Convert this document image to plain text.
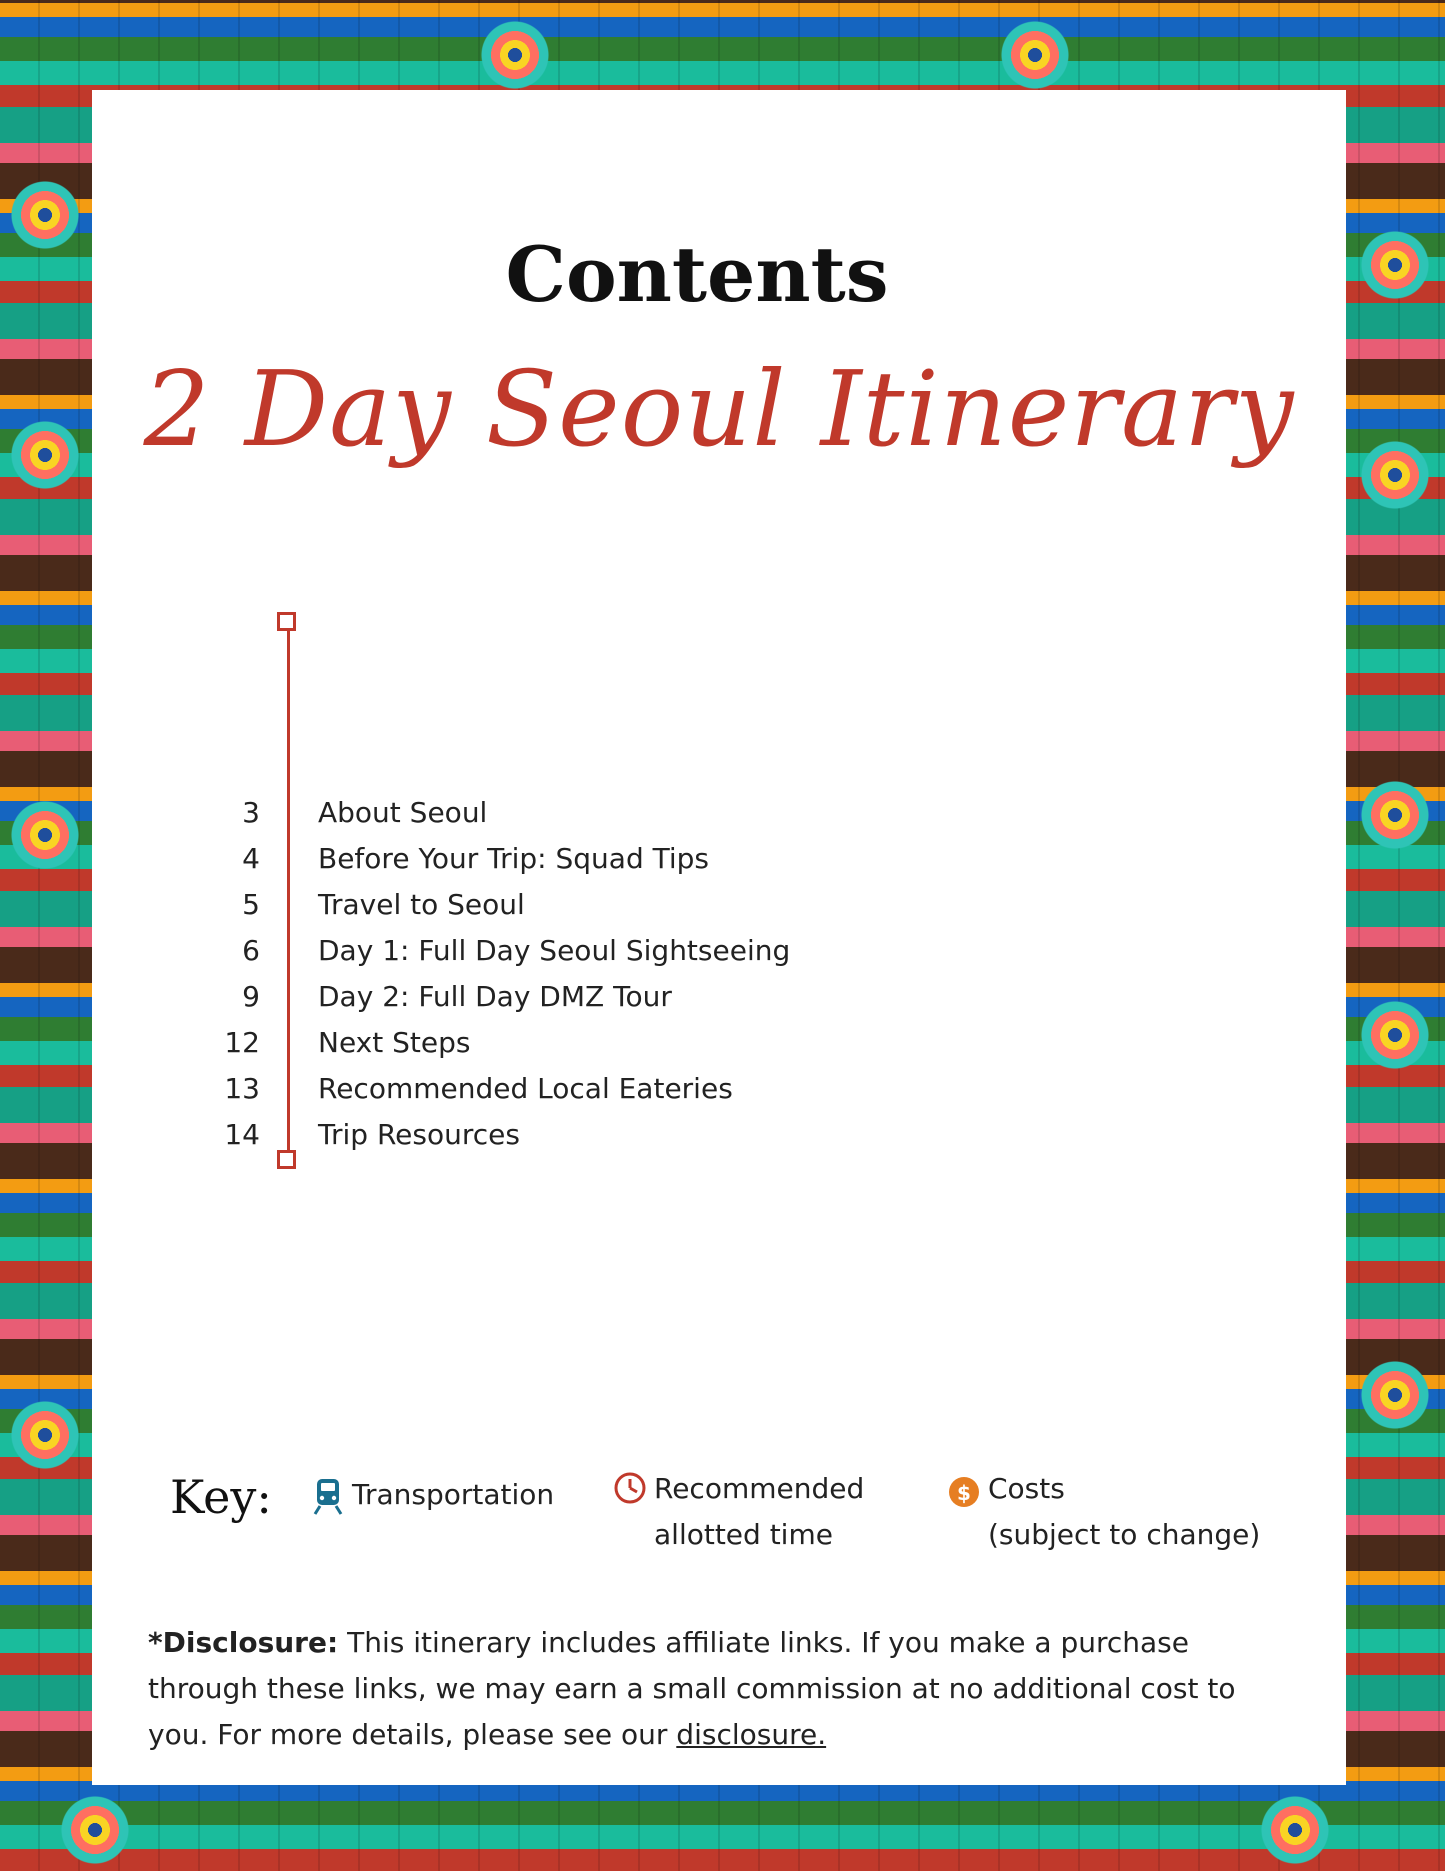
Contents
2 Day Seoul Itinerary
3 About Seoul
4 Before Your Trip: Squad Tips
5 Travel to Seoul
6 Day 1: Full Day Seoul Sightseeing
9 Day 2: Full Day DMZ Tour
12 Next Steps
13 Recommended Local Eateries
14 Trip Resources
Key:	Transportation	Recommended
allotted time
$ Costs
(subject to change)
*Disclosure: This itinerary includes affiliate links. If you make a purchase through these links, we may earn a small commission at no additional cost to you. For more details, please see our disclosure.
